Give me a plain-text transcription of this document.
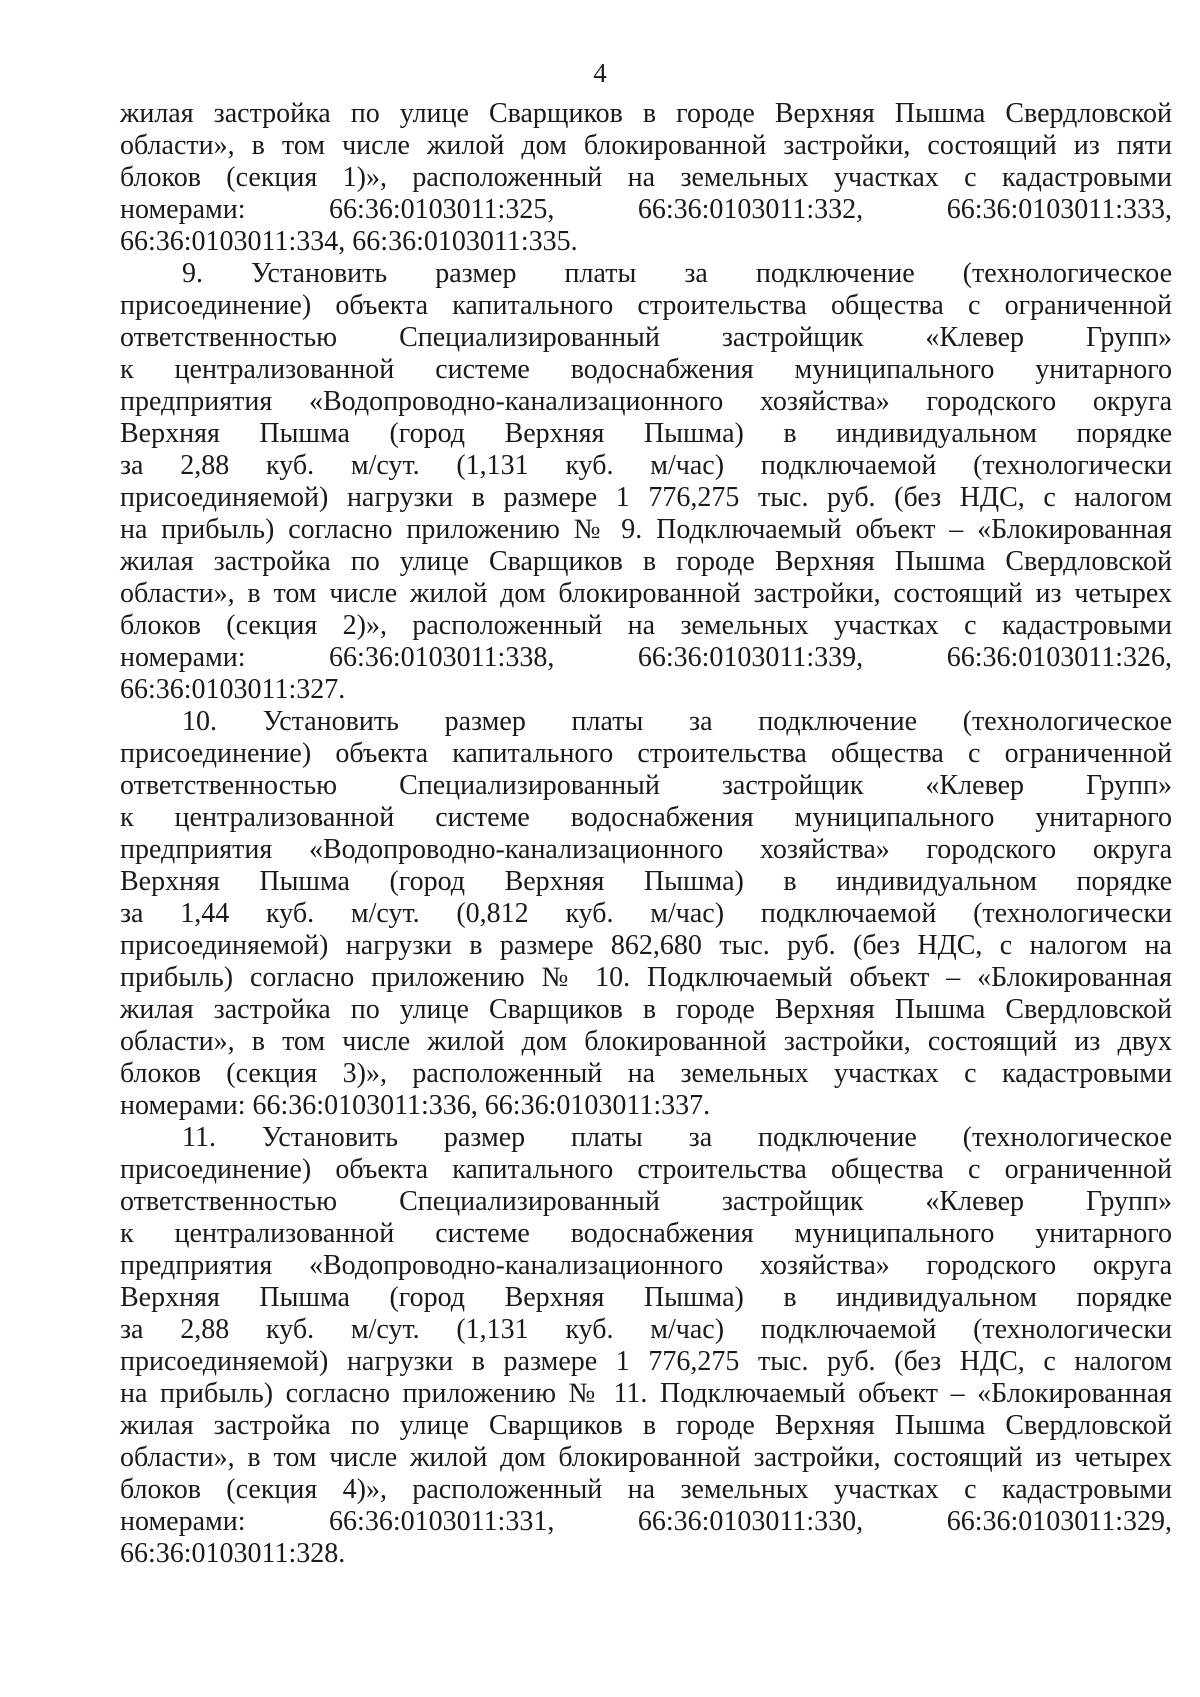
4

жилая застройка по улице Сварщиков в городе Верхняя Пышма Свердловской
области», в том числе жилой дом блокированной застройки, состоящий из пяти
блоков (секция 1)», расположенный на земельных участках с кадастровыми
номерами: 66:36:0103011:325, 66:36:0103011:332, 66:36:0103011:333,
66:36:0103011:334, 66:36:0103011:335.

9. Установить размер платы за подключение (технологическое
присоединение) объекта капитального строительства общества с ограниченной
ответственностью Специализированный застройщик «Клевер Групп»
к централизованной системе водоснабжения муниципального унитарного
предприятия «Водопроводно-канализационного хозяйства» городского округа
Верхняя Пышма (город Верхняя Пышма) в индивидуальном порядке
за 2,88 куб. м/сут. (1,131 куб. м/час) подключаемой (технологически
присоединяемой) нагрузки в размере 1 776,275 тыс. руб. (без НДС, с налогом
на прибыль) согласно приложению № 9. Подключаемый объект – «Блокированная
жилая застройка по улице Сварщиков в городе Верхняя Пышма Свердловской
области», в том числе жилой дом блокированной застройки, состоящий из четырех
блоков (секция 2)», расположенный на земельных участках с кадастровыми
номерами: 66:36:0103011:338, 66:36:0103011:339, 66:36:0103011:326,
66:36:0103011:327.

10. Установить размер платы за подключение (технологическое
присоединение) объекта капитального строительства общества с ограниченной
ответственностью Специализированный застройщик «Клевер Групп»
к централизованной системе водоснабжения муниципального унитарного
предприятия «Водопроводно-канализационного хозяйства» городского округа
Верхняя Пышма (город Верхняя Пышма) в индивидуальном порядке
за 1,44 куб. м/сут. (0,812 куб. м/час) подключаемой (технологически
присоединяемой) нагрузки в размере 862,680 тыс. руб. (без НДС, с налогом на
прибыль) согласно приложению № 10. Подключаемый объект – «Блокированная
жилая застройка по улице Сварщиков в городе Верхняя Пышма Свердловской
области», в том числе жилой дом блокированной застройки, состоящий из двух
блоков (секция 3)», расположенный на земельных участках с кадастровыми
номерами: 66:36:0103011:336, 66:36:0103011:337.

11. Установить размер платы за подключение (технологическое
присоединение) объекта капитального строительства общества с ограниченной
ответственностью Специализированный застройщик «Клевер Групп»
к централизованной системе водоснабжения муниципального унитарного
предприятия «Водопроводно-канализационного хозяйства» городского округа
Верхняя Пышма (город Верхняя Пышма) в индивидуальном порядке
за 2,88 куб. м/сут. (1,131 куб. м/час) подключаемой (технологически
присоединяемой) нагрузки в размере 1 776,275 тыс. руб. (без НДС, с налогом
на прибыль) согласно приложению № 11. Подключаемый объект – «Блокированная
жилая застройка по улице Сварщиков в городе Верхняя Пышма Свердловской
области», в том числе жилой дом блокированной застройки, состоящий из четырех
блоков (секция 4)», расположенный на земельных участках с кадастровыми
номерами: 66:36:0103011:331, 66:36:0103011:330, 66:36:0103011:329,
66:36:0103011:328.
